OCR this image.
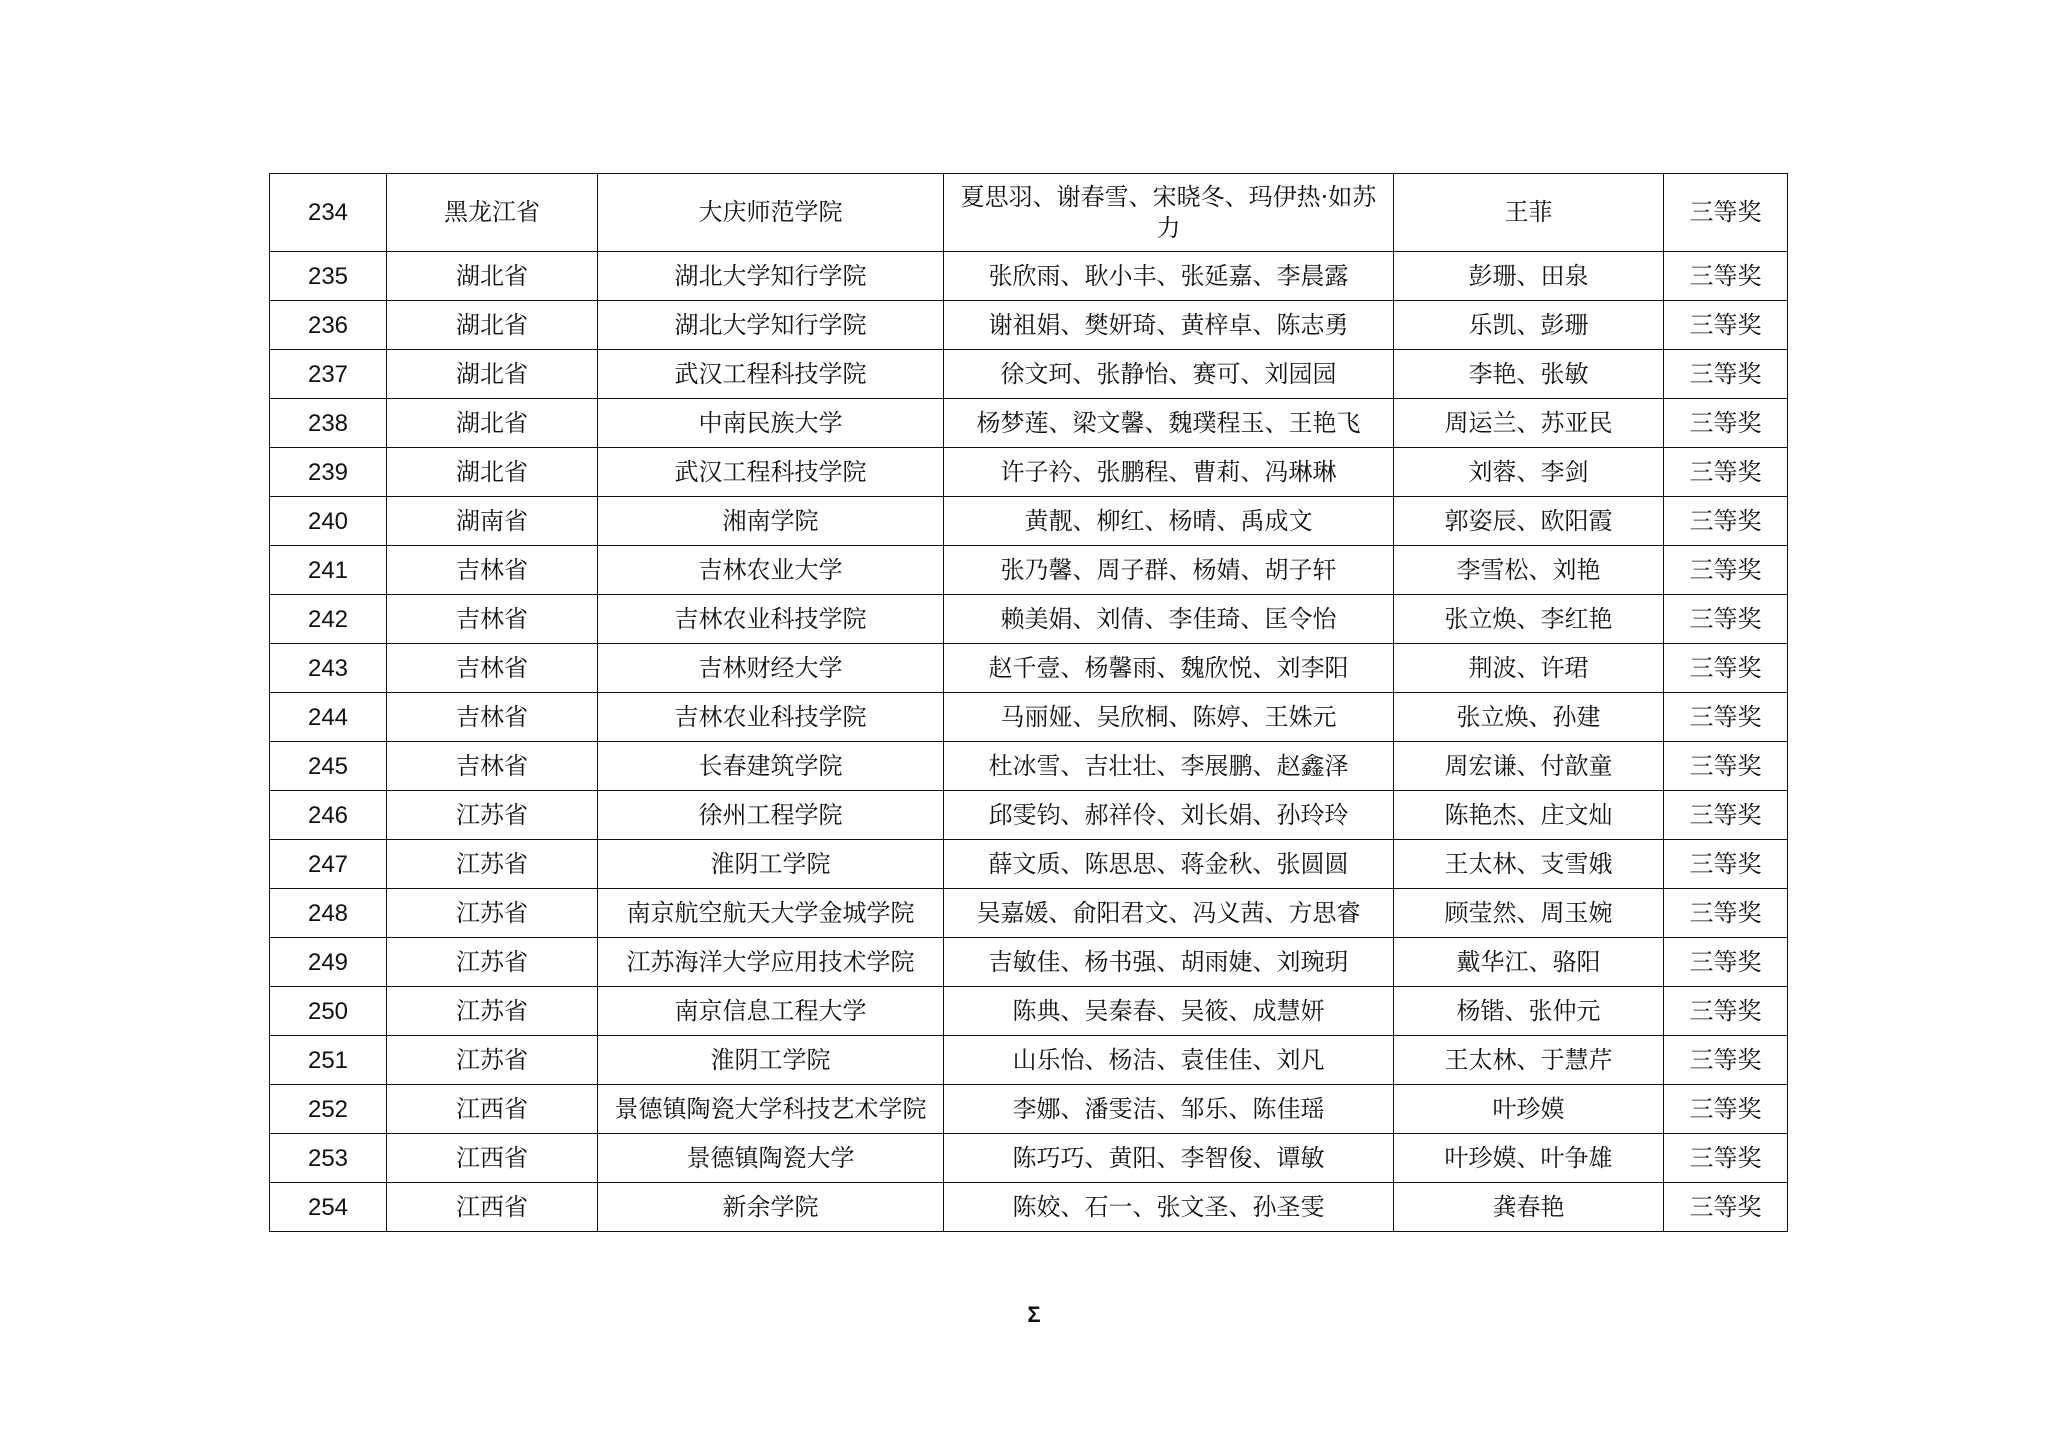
234	黑龙江省	大庆师范学院	夏思羽、谢春雪、宋晓冬、玛伊热·如苏力	王菲	三等奖
235	湖北省	湖北大学知行学院	张欣雨、耿小丰、张延嘉、李晨露	彭珊、田泉	三等奖
236	湖北省	湖北大学知行学院	谢祖娟、樊妍琦、黄梓卓、陈志勇	乐凯、彭珊	三等奖
237	湖北省	武汉工程科技学院	徐文珂、张静怡、赛可、刘园园	李艳、张敏	三等奖
238	湖北省	中南民族大学	杨梦莲、梁文馨、魏璞程玉、王艳飞	周运兰、苏亚民	三等奖
239	湖北省	武汉工程科技学院	许子衿、张鹏程、曹莉、冯琳琳	刘蓉、李剑	三等奖
240	湖南省	湘南学院	黄靓、柳红、杨晴、禹成文	郭姿辰、欧阳霞	三等奖
241	吉林省	吉林农业大学	张乃馨、周子群、杨婧、胡子轩	李雪松、刘艳	三等奖
242	吉林省	吉林农业科技学院	赖美娟、刘倩、李佳琦、匡令怡	张立焕、李红艳	三等奖
243	吉林省	吉林财经大学	赵千壹、杨馨雨、魏欣悦、刘李阳	荆波、许珺	三等奖
244	吉林省	吉林农业科技学院	马丽娅、吴欣桐、陈婷、王姝元	张立焕、孙建	三等奖
245	吉林省	长春建筑学院	杜冰雪、吉壮壮、李展鹏、赵鑫泽	周宏谦、付歆童	三等奖
246	江苏省	徐州工程学院	邱雯钧、郝祥伶、刘长娟、孙玲玲	陈艳杰、庄文灿	三等奖
247	江苏省	淮阴工学院	薛文质、陈思思、蒋金秋、张圆圆	王太林、支雪娥	三等奖
248	江苏省	南京航空航天大学金城学院	吴嘉媛、俞阳君文、冯义茜、方思睿	顾莹然、周玉婉	三等奖
249	江苏省	江苏海洋大学应用技术学院	吉敏佳、杨书强、胡雨婕、刘琬玥	戴华江、骆阳	三等奖
250	江苏省	南京信息工程大学	陈典、吴秦春、吴筱、成慧妍	杨锴、张仲元	三等奖
251	江苏省	淮阴工学院	山乐怡、杨洁、袁佳佳、刘凡	王太林、于慧芹	三等奖
252	江西省	景德镇陶瓷大学科技艺术学院	李娜、潘雯洁、邹乐、陈佳瑶	叶珍嫫	三等奖
253	江西省	景德镇陶瓷大学	陈巧巧、黄阳、李智俊、谭敏	叶珍嫫、叶争雄	三等奖
254	江西省	新余学院	陈姣、石一、张文圣、孙圣雯	龚春艳	三等奖
Σ
